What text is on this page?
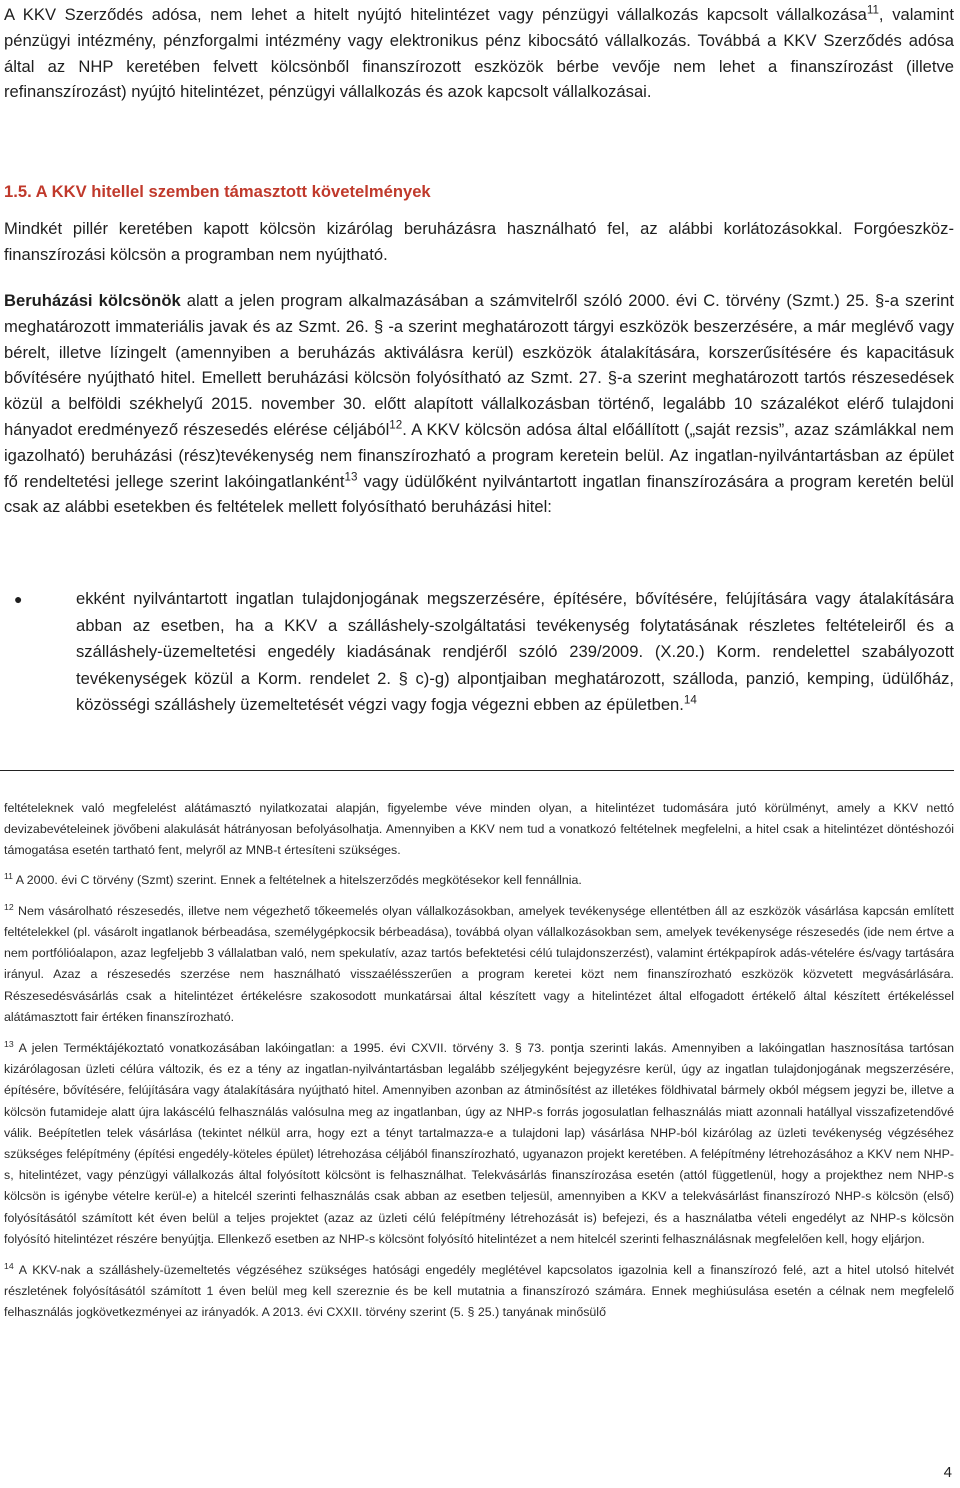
A KKV Szerződés adósa, nem lehet a hitelt nyújtó hitelintézet vagy pénzügyi vállalkozás kapcsolt vállalkozása$^{11}$, valamint pénzügyi intézmény, pénzforgalmi intézmény vagy elektronikus pénz kibocsátó vállalkozás. Továbbá a KKV Szerződés adósa által az NHP keretében felvett kölcsönből finanszírozott eszközök bérbe vevője nem lehet a finanszírozást (illetve refinanszírozást) nyújtó hitelintézet, pénzügyi vállalkozás és azok kapcsolt vállalkozásai.
1.5. A KKV hitellel szemben támasztott követelmények
Mindkét pillér keretében kapott kölcsön kizárólag beruházásra használható fel, az alábbi korlátozásokkal. Forgóeszköz-finanszírozási kölcsön a programban nem nyújtható.
Beruházási kölcsönök alatt a jelen program alkalmazásában a számvitelről szóló 2000. évi C. törvény (Szmt.) 25. §-a szerint meghatározott immateriális javak és az Szmt. 26. § -a szerint meghatározott tárgyi eszközök beszerzésére, a már meglévő vagy bérelt, illetve lízingelt (amennyiben a beruházás aktiválásra kerül) eszközök átalakítására, korszerűsítésére és kapacitásuk bővítésére nyújtható hitel. Emellett beruházási kölcsön folyósítható az Szmt. 27. §-a szerint meghatározott tartós részesedések közül a belföldi székhelyű 2015. november 30. előtt alapított vállalkozásban történő, legalább 10 százalékot elérő tulajdoni hányadot eredményező részesedés elérése céljából$^{12}$. A KKV kölcsön adósa által előállított („saját rezsis”, azaz számlákkal nem igazolható) beruházási (rész)tevékenység nem finanszírozható a program keretein belül. Az ingatlan-nyilvántartásban az épület fő rendeltetési jellege szerint lakóingatlanként$^{13}$ vagy üdülőként nyilvántartott ingatlan finanszírozására a program keretén belül csak az alábbi esetekben és feltételek mellett folyósítható beruházási hitel:
●	ekként nyilvántartott ingatlan tulajdonjogának megszerzésére, építésére, bővítésére, felújítására vagy átalakítására abban az esetben, ha a KKV a szálláshely-szolgáltatási tevékenység folytatásának részletes feltételeiről és a szálláshely-üzemeltetési engedély kiadásának rendjéről szóló 239/2009. (X.20.) Korm. rendelettel szabályozott tevékenységek közül a Korm. rendelet 2. § c)-g) alpontjaiban meghatározott, szálloda, panzió, kemping, üdülőház, közösségi szálláshely üzemeltetését végzi vagy fogja végezni ebben az épületben.$^{14}$

feltételeknek való megfelelést alátámasztó nyilatkozatai alapján, figyelembe véve minden olyan, a hitelintézet tudomására jutó körülményt, amely a KKV nettó devizabevételeinek jövőbeni alakulását hátrányosan befolyásolhatja. Amennyiben a KKV nem tud a vonatkozó feltételnek megfelelni, a hitel csak a hitelintézet döntéshozói támogatása esetén tartható fent, melyről az MNB-t értesíteni szükséges.

$^{11}$ A 2000. évi C törvény (Szmt) szerint. Ennek a feltételnek a hitelszerződés megkötésekor kell fennállnia.

$^{12}$ Nem vásárolható részesedés, illetve nem végezhető tőkeemelés olyan vállalkozásokban, amelyek tevékenysége ellentétben áll az eszközök vásárlása kapcsán említett feltételekkel (pl. vásárolt ingatlanok bérbeadása, személygépkocsik bérbeadása), továbbá olyan vállalkozásokban sem, amelyek tevékenysége részesedés (ide nem értve a nem portfólióalapon, azaz legfeljebb 3 vállalatban való, nem spekulatív, azaz tartós befektetési célú tulajdonszerzést), valamint értékpapírok adás-vételére és/vagy tartására irányul. Azaz a részesedés szerzése nem használható visszaélésszerűen a program keretei közt nem finanszírozható eszközök közvetett megvásárlására. Részesedésvásárlás csak a hitelintézet értékelésre szakosodott munkatársai által készített vagy a hitelintézet által elfogadott értékelő által készített értékeléssel alátámasztott fair értéken finanszírozható.

$^{13}$ A jelen Terméktájékoztató vonatkozásában lakóingatlan: a 1995. évi CXVII. törvény 3. § 73. pontja szerinti lakás. Amennyiben a lakóingatlan hasznosítása tartósan kizárólagosan üzleti célúra változik, és ez a tény az ingatlan-nyilvántartásban legalább széljegyként bejegyzésre kerül, úgy az ingatlan tulajdonjogának megszerzésére, építésére, bővítésére, felújítására vagy átalakítására nyújtható hitel. Amennyiben azonban az átminősítést az illetékes földhivatal bármely okból mégsem jegyzi be, illetve a kölcsön futamideje alatt újra lakáscélú felhasználás valósulna meg az ingatlanban, úgy az NHP-s forrás jogosulatlan felhasználás miatt azonnali hatállyal visszafizetendővé válik. Beépítetlen telek vásárlása (tekintet nélkül arra, hogy ezt a tényt tartalmazza-e a tulajdoni lap) vásárlása NHP-ból kizárólag az üzleti tevékenység végzéséhez szükséges felépítmény (építési engedély-köteles épület) létrehozása céljából finanszírozható, ugyanazon projekt keretében. A felépítmény létrehozásához a KKV nem NHP-s, hitelintézet, vagy pénzügyi vállalkozás által folyósított kölcsönt is felhasználhat. Telekvásárlás finanszírozása esetén (attól függetlenül, hogy a projekthez nem NHP-s kölcsön is igénybe vételre kerül-e) a hitelcél szerinti felhasználás csak abban az esetben teljesül, amennyiben a KKV a telekvásárlást finanszírozó NHP-s kölcsön (első) folyósításától számított két éven belül a teljes projektet (azaz az üzleti célú felépítmény létrehozását is) befejezi, és a használatba vételi engedélyt az NHP-s kölcsön folyósító hitelintézet részére benyújtja. Ellenkező esetben az NHP-s kölcsönt folyósító hitelintézet a nem hitelcél szerinti felhasználásnak megfelelően kell, hogy eljárjon.

$^{14}$ A KKV-nak a szálláshely-üzemeltetés végzéséhez szükséges hatósági engedély meglétével kapcsolatos igazolnia kell a finanszírozó felé, azt a hitel utolsó hitelvét részletének folyósításától számított 1 éven belül meg kell szereznie és be kell mutatnia a finanszírozó számára. Ennek meghiúsulása esetén a célnak nem megfelelő felhasználás jogkövetkezményei az irányadók. A 2013. évi CXXII. törvény szerint (5. § 25.) tanyának minősülő

4
